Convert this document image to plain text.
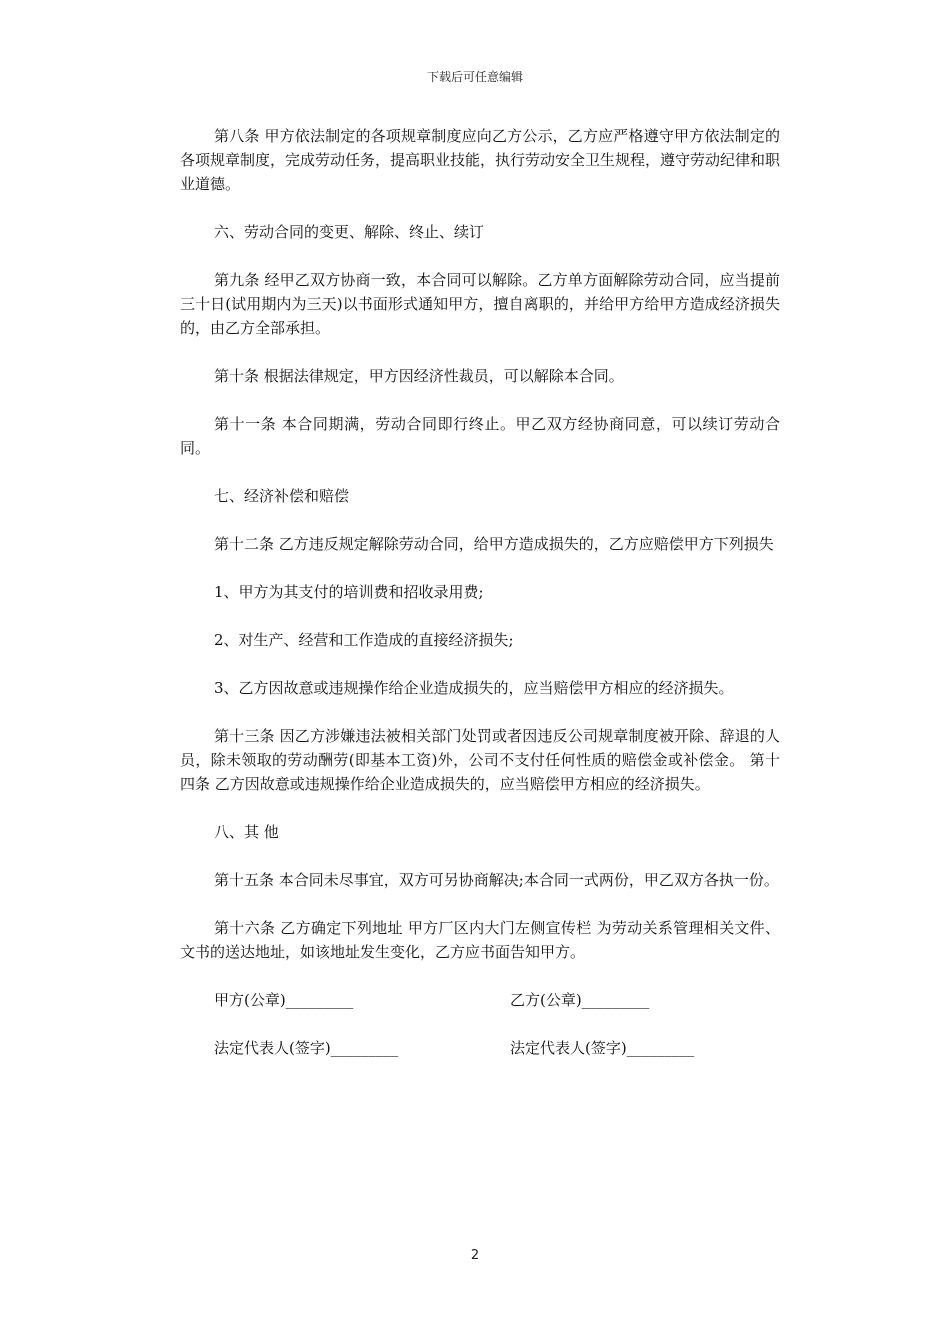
下载后可任意编辑

第八条 甲方依法制定的各项规章制度应向乙方公示，乙方应严格遵守甲方依法制定的各项规章制度，完成劳动任务，提高职业技能，执行劳动安全卫生规程，遵守劳动纪律和职业道德。

六、劳动合同的变更、解除、终止、续订

第九条 经甲乙双方协商一致，本合同可以解除。乙方单方面解除劳动合同，应当提前三十日(试用期内为三天)以书面形式通知甲方，擅自离职的，并给甲方给甲方造成经济损失的，由乙方全部承担。

第十条 根据法律规定，甲方因经济性裁员，可以解除本合同。

第十一条 本合同期满，劳动合同即行终止。甲乙双方经协商同意，可以续订劳动合同。

七、经济补偿和赔偿

第十二条 乙方违反规定解除劳动合同，给甲方造成损失的，乙方应赔偿甲方下列损失

1、甲方为其支付的培训费和招收录用费;

2、对生产、经营和工作造成的直接经济损失;

3、乙方因故意或违规操作给企业造成损失的，应当赔偿甲方相应的经济损失。

第十三条 因乙方涉嫌违法被相关部门处罚或者因违反公司规章制度被开除、辞退的人员，除未领取的劳动酬劳(即基本工资)外，公司不支付任何性质的赔偿金或补偿金。 第十四条 乙方因故意或违规操作给企业造成损失的，应当赔偿甲方相应的经济损失。

八、其 他

第十五条 本合同未尽事宜，双方可另协商解决;本合同一式两份，甲乙双方各执一份。

第十六条 乙方确定下列地址 甲方厂区内大门左侧宣传栏 为劳动关系管理相关文件、文书的送达地址，如该地址发生变化，乙方应书面告知甲方。

甲方(公章)_________	乙方(公章)_________
法定代表人(签字)_________	法定代表人(签字)_________
2
